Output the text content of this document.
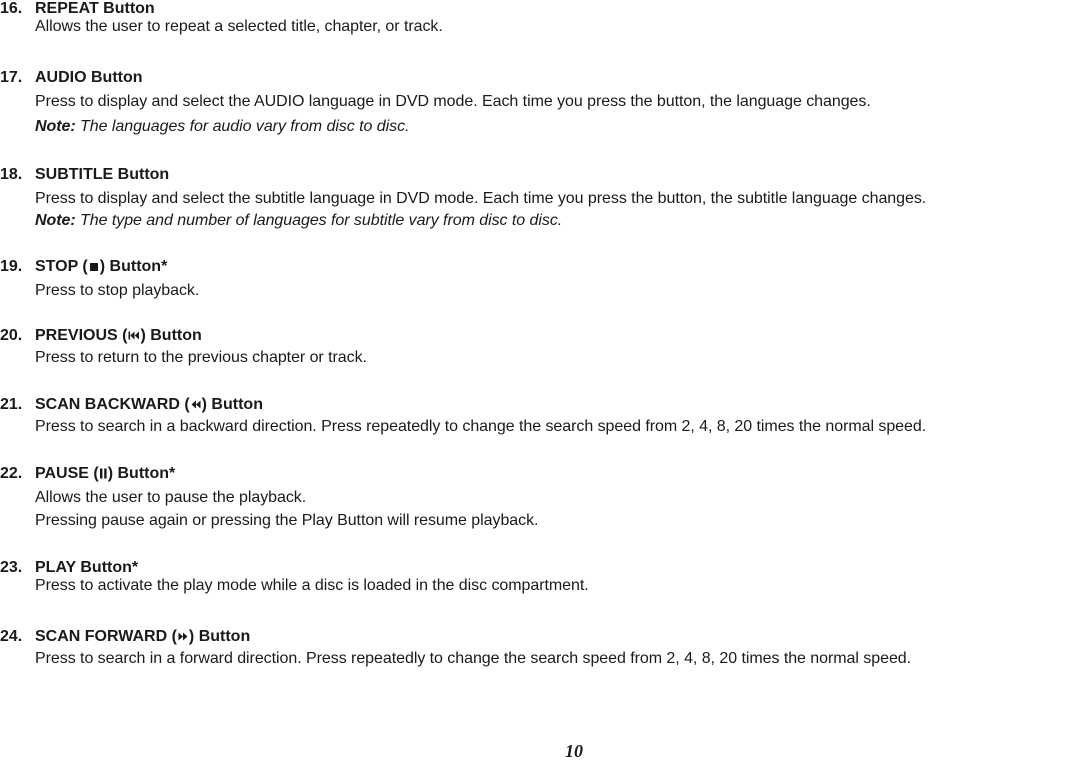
16. REPEAT Button
Allows the user to repeat a selected title, chapter, or track.
17. AUDIO Button
Press to display and select the AUDIO language in DVD mode. Each time you press the button, the language changes.
Note: The languages for audio vary from disc to disc.
18. SUBTITLE Button
Press to display and select the subtitle language in DVD mode. Each time you press the button, the subtitle language changes.
Note: The type and number of languages for subtitle vary from disc to disc.
19. STOP ( ) Button*
Press to stop playback.
20. PREVIOUS ( ) Button
Press to return to the previous chapter or track.
21. SCAN BACKWARD ( ) Button
Press to search in a backward direction. Press repeatedly to change the search speed from 2, 4, 8, 20 times the normal speed.
22. PAUSE ( ) Button*
Allows the user to pause the playback.
Pressing pause again or pressing the Play Button will resume playback.
23. PLAY Button*
Press to activate the play mode while a disc is loaded in the disc compartment.
24. SCAN FORWARD ( ) Button
Press to search in a forward direction. Press repeatedly to change the search speed from 2, 4, 8, 20 times the normal speed.
10
